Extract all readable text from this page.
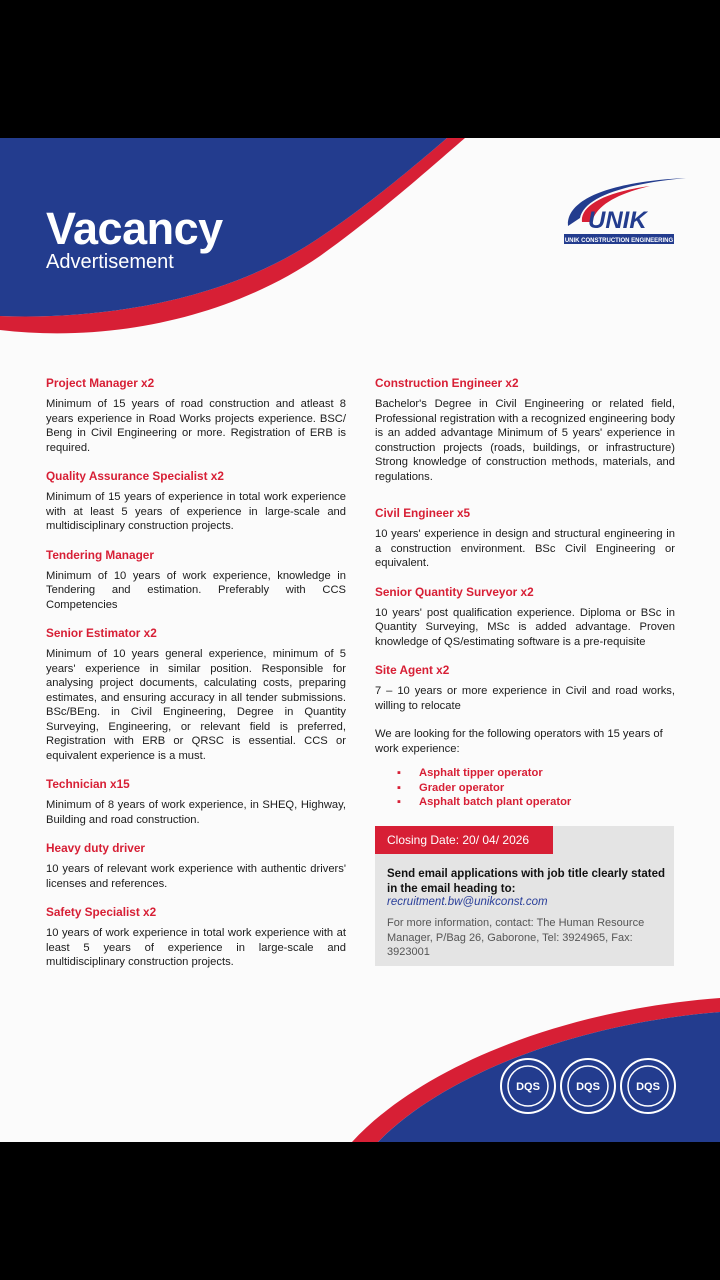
Vacancy
Advertisement
UNIK
UNIK CONSTRUCTION ENGINEERING
Project Manager x2

Minimum of 15 years of road construction and atleast 8 years experience in Road Works projects experience. BSC/ Beng in Civil Engineering or more. Registration of ERB is required.

Quality Assurance Specialist x2

Minimum of 15 years of experience in total work experience with at least 5 years of experience in large-scale and multidisciplinary construction projects.

Tendering Manager

Minimum of 10 years of work experience, knowledge in Tendering and estimation. Preferably with CCS Competencies

Senior Estimator x2

Minimum of 10 years general experience, minimum of 5 years' experience in similar position. Responsible for analysing project documents, calculating costs, preparing estimates, and ensuring accuracy in all tender submissions. BSc/BEng. in Civil Engineering, Degree in Quantity Surveying, Engineering, or relevant field is preferred, Registration with ERB or QRSC is essential. CCS or equivalent experience is a must.

Technician x15

Minimum of 8 years of work experience, in SHEQ, Highway, Building and road construction.

Heavy duty driver

10 years of relevant work experience with authentic drivers' licenses and references.

Safety Specialist x2

10 years of work experience in total work experience with at least 5 years of experience in large-scale and multidisciplinary construction projects.

Construction Engineer x2

Bachelor's Degree in Civil Engineering or related field, Professional registration with a recognized engineering body is an added advantage Minimum of 5 years' experience in construction projects (roads, buildings, or infrastructure) Strong knowledge of construction methods, materials, and regulations.

Civil Engineer x5

10 years' experience in design and structural engineering in a construction environment. BSc Civil Engineering or equivalent.

Senior Quantity Surveyor x2

10 years' post qualification experience. Diploma or BSc in Quantity Surveying, MSc is added advantage. Proven knowledge of QS/estimating software is a pre-requisite

Site Agent x2

7 – 10 years or more experience in Civil and road works, willing to relocate

We are looking for the following operators with 15 years of work experience:

▪ Asphalt tipper operator
▪ Grader operator
▪ Asphalt batch plant operator
Closing Date: 20/ 04/ 2026
Send email applications with job title clearly stated in the email heading to:
recruitment.bw@unikconst.com
For more information, contact: The Human Resource Manager, P/Bag 26, Gaborone, Tel: 3924965, Fax: 3923001
DQS	DQS	DQS
